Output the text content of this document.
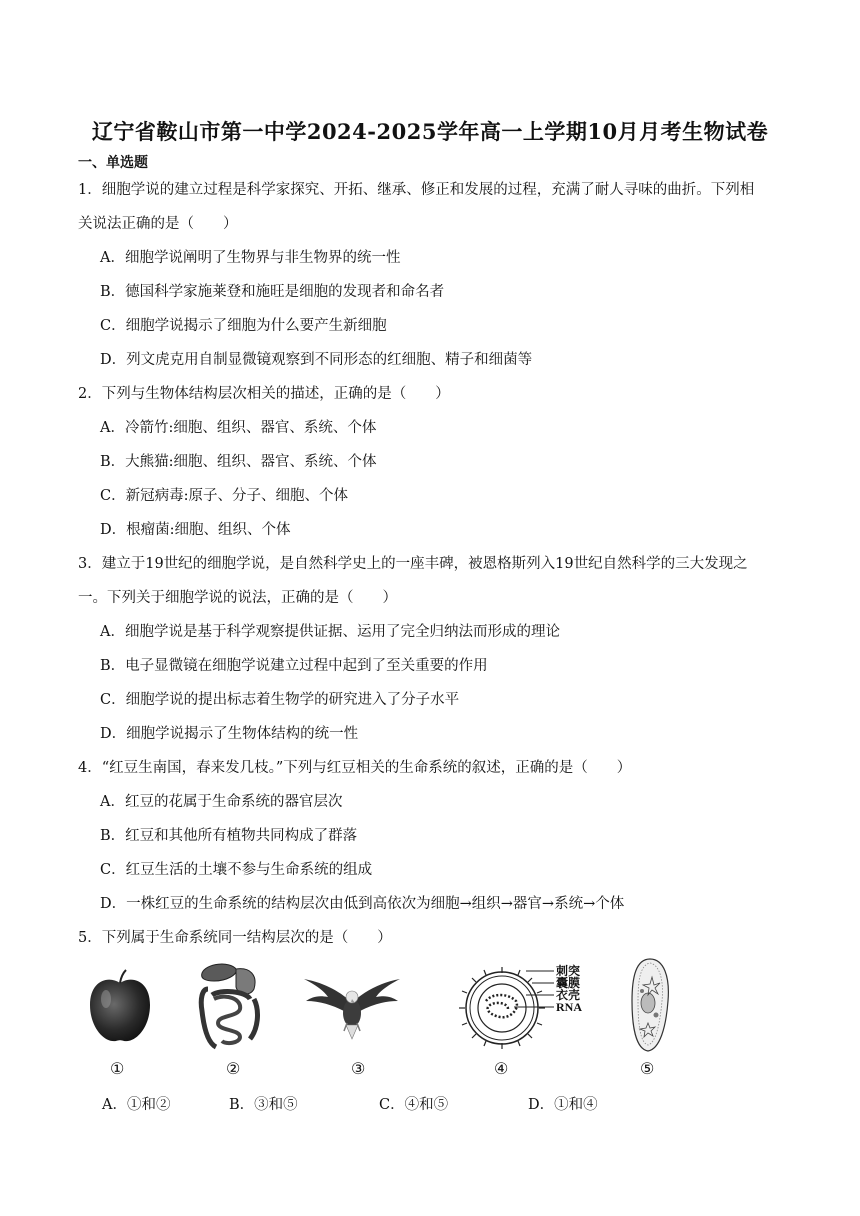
辽宁省鞍山市第一中学2024-2025学年高一上学期10月月考生物试卷
一、单选题
1．细胞学说的建立过程是科学家探究、开拓、继承、修正和发展的过程，充满了耐人寻味的曲折。下列相
关说法正确的是（　　）
A．细胞学说阐明了生物界与非生物界的统一性
B．德国科学家施莱登和施旺是细胞的发现者和命名者
C．细胞学说揭示了细胞为什么要产生新细胞
D．列文虎克用自制显微镜观察到不同形态的红细胞、精子和细菌等
2．下列与生物体结构层次相关的描述，正确的是（　　）
A．冷箭竹:细胞、组织、器官、系统、个体
B．大熊猫:细胞、组织、器官、系统、个体
C．新冠病毒:原子、分子、细胞、个体
D．根瘤菌:细胞、组织、个体
3．建立于19世纪的细胞学说，是自然科学史上的一座丰碑，被恩格斯列入19世纪自然科学的三大发现之
一。下列关于细胞学说的说法，正确的是（　　）
A．细胞学说是基于科学观察提供证据、运用了完全归纳法而形成的理论
B．电子显微镜在细胞学说建立过程中起到了至关重要的作用
C．细胞学说的提出标志着生物学的研究进入了分子水平
D．细胞学说揭示了生物体结构的统一性
4．“红豆生南国，春来发几枝。”下列与红豆相关的生命系统的叙述，正确的是（　　）
A．红豆的花属于生命系统的器官层次
B．红豆和其他所有植物共同构成了群落
C．红豆生活的土壤不参与生命系统的组成
D．一株红豆的生命系统的结构层次由低到高依次为细胞→组织→器官→系统→个体
5．下列属于生命系统同一结构层次的是（　　）
刺突
囊膜
衣壳
RNA
①	②	③	④	⑤
A．①和②	B．③和⑤	C．④和⑤	D．①和④
